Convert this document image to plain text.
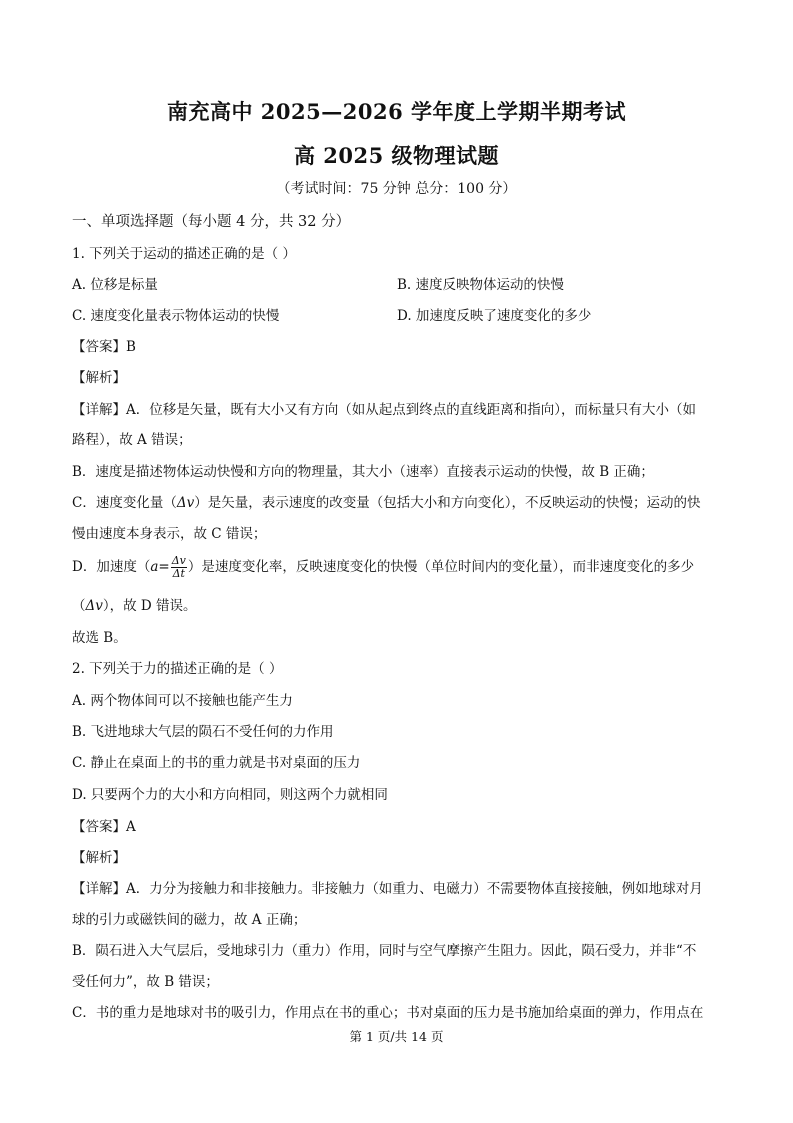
南充高中 2025—2026 学年度上学期半期考试
高 2025 级物理试题
（考试时间：75 分钟 总分：100 分）
一、单项选择题（每小题 4 分，共 32 分）
1. 下列关于运动的描述正确的是（ ）
A. 位移是标量	B. 速度反映物体运动的快慢
C. 速度变化量表示物体运动的快慢	D. 加速度反映了速度变化的多少
【答案】B
【解析】
【详解】A．位移是矢量，既有大小又有方向（如从起点到终点的直线距离和指向），而标量只有大小（如
路程），故 A 错误；
B．速度是描述物体运动快慢和方向的物理量，其大小（速率）直接表示运动的快慢，故 B 正确；
C．速度变化量（Δv）是矢量，表示速度的改变量（包括大小和方向变化），不反映运动的快慢；运动的快
慢由速度本身表示，故 C 错误；
D．加速度（$a= \frac{\Delta v}{\Delta t}$ ）是速度变化率，反映速度变化的快慢（单位时间内的变化量），而非速度变化的多少
（Δv），故 D 错误。
故选 B。
2. 下列关于力的描述正确的是（ ）
A. 两个物体间可以不接触也能产生力
B. 飞进地球大气层的陨石不受任何的力作用
C. 静止在桌面上的书的重力就是书对桌面的压力
D. 只要两个力的大小和方向相同，则这两个力就相同
【答案】A
【解析】
【详解】A．力分为接触力和非接触力。非接触力（如重力、电磁力）不需要物体直接接触，例如地球对月
球的引力或磁铁间的磁力，故 A 正确；
B．陨石进入大气层后，受地球引力（重力）作用，同时与空气摩擦产生阻力。因此，陨石受力，并非“不
受任何力”，故 B 错误；
C．书的重力是地球对书的吸引力，作用点在书的重心；书对桌面的压力是书施加给桌面的弹力，作用点在
第 1 页/共 14 页
